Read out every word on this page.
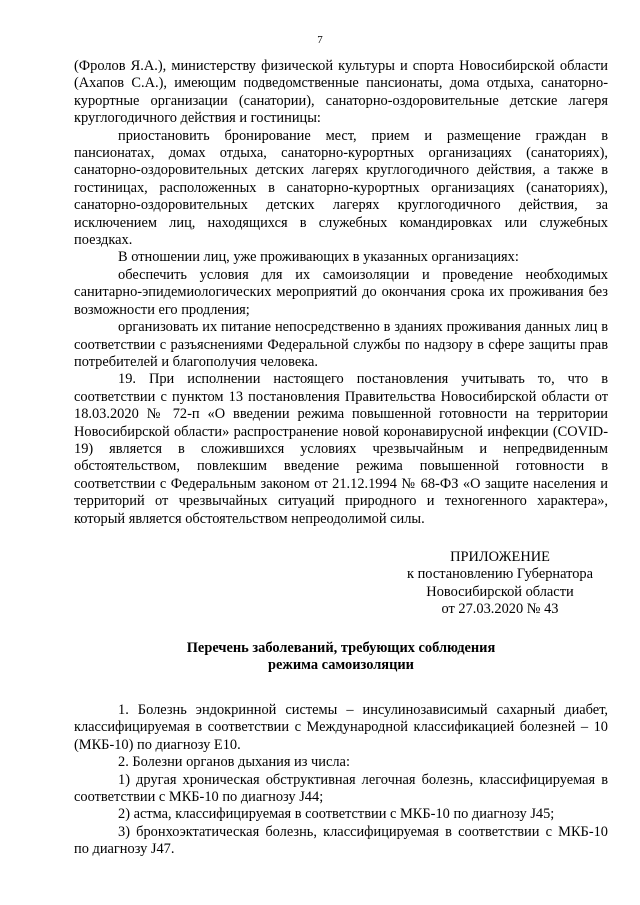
7

(Фролов Я.А.), министерству физической культуры и спорта Новосибирской области (Ахапов С.А.), имеющим подведомственные пансионаты, дома отдыха, санаторно-курортные организации (санатории), санаторно-оздоровительные детские лагеря круглогодичного действия и гостиницы:

приостановить бронирование мест, прием и размещение граждан в пансионатах, домах отдыха, санаторно-курортных организациях (санаториях), санаторно-оздоровительных детских лагерях круглогодичного действия, а также в гостиницах, расположенных в санаторно-курортных организациях (санаториях), санаторно-оздоровительных детских лагерях круглогодичного действия, за исключением лиц, находящихся в служебных командировках или служебных поездках.

В отношении лиц, уже проживающих в указанных организациях:

обеспечить условия для их самоизоляции и проведение необходимых санитарно-эпидемиологических мероприятий до окончания срока их проживания без возможности его продления;

организовать их питание непосредственно в зданиях проживания данных лиц в соответствии с разъяснениями Федеральной службы по надзору в сфере защиты прав потребителей и благополучия человека.

19. При исполнении настоящего постановления учитывать то, что в соответствии с пунктом 13 постановления Правительства Новосибирской области от 18.03.2020 № 72-п «О введении режима повышенной готовности на территории Новосибирской области» распространение новой коронавирусной инфекции (COVID-19) является в сложившихся условиях чрезвычайным и непредвиденным обстоятельством, повлекшим введение режима повышенной готовности в соответствии с Федеральным законом от 21.12.1994 № 68-ФЗ «О защите населения и территорий от чрезвычайных ситуаций природного и техногенного характера», который является обстоятельством непреодолимой силы.

ПРИЛОЖЕНИЕ
к постановлению Губернатора
Новосибирской области
от 27.03.2020 № 43
Перечень заболеваний, требующих соблюдения
режима самоизоляции

1. Болезнь эндокринной системы – инсулинозависимый сахарный диабет, классифицируемая в соответствии с Международной классификацией болезней – 10 (МКБ-10) по диагнозу E10.

2. Болезни органов дыхания из числа:

1) другая хроническая обструктивная легочная болезнь, классифицируемая в соответствии с МКБ-10 по диагнозу J44;

2) астма, классифицируемая в соответствии с МКБ-10 по диагнозу J45;

3) бронхоэктатическая болезнь, классифицируемая в соответствии с МКБ-10 по диагнозу J47.
